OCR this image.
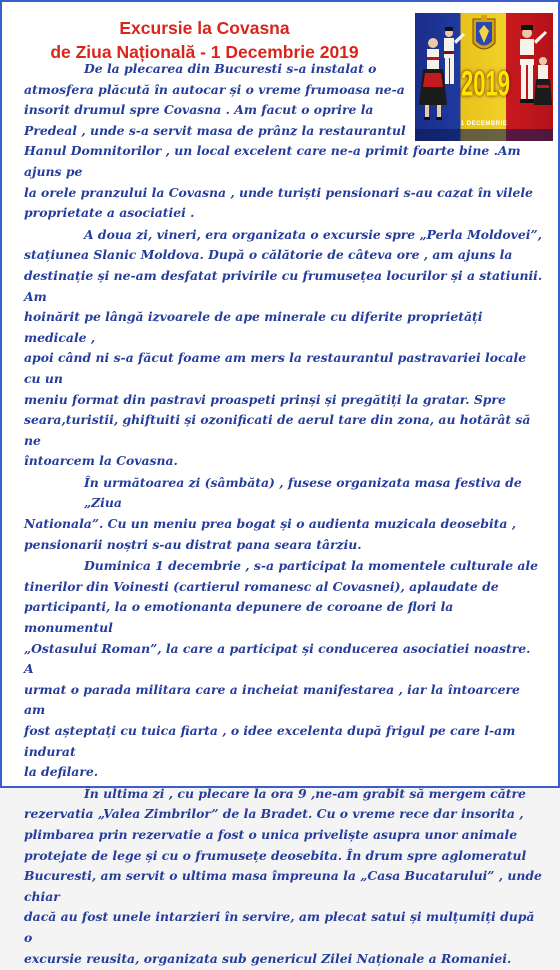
Excursie la Covasna
de Ziua Națională - 1 Decembrie 2019
2019
1 DECEMBRIE

De la plecarea din Bucuresti s-a instalat o
atmosfera plăcută în autocar și o vreme frumoasa ne-a
insorit drumul spre Covasna . Am facut o oprire la
Predeal , unde s-a servit masa de prânz la restaurantul
Hanul Domnitorilor , un local excelent care ne-a primit foarte bine .Am ajuns pe
la orele pranzului la Covasna , unde turiști pensionari s-au cazat în vilele
proprietate a asociatiei .

A doua zi, vineri, era organizata o excursie spre „Perla Moldovei”,
stațiunea Slanic Moldova. După o călătorie de câteva ore , am ajuns la
destinație și ne-am desfatat privirile cu frumusețea locurilor și a statiunii. Am
hoinărit pe lângă izvoarele de ape minerale cu diferite proprietăți medicale ,
apoi când ni s-a făcut foame am mers la restaurantul pastravariei locale cu un
meniu format din pastravi proaspeti prinși și pregătiți la gratar. Spre
seara,turistii, ghiftuiti și ozonificati de aerul tare din zona, au hotărât să ne
întoarcem la Covasna.

În următoarea zi (sâmbăta) , fusese organizata masa festiva de „Ziua
Nationala”. Cu un meniu prea bogat și o audienta muzicala deosebita ,
pensionarii noștri s-au distrat pana seara târziu.

Duminica 1 decembrie , s-a participat la momentele culturale ale
tinerilor din Voinesti (cartierul romanesc al Covasnei), aplaudate de
participanti, la o emotionanta depunere de coroane de flori la monumentul
„Ostasului Roman”, la care a participat și conducerea asociatiei noastre. A
urmat o parada militara care a incheiat manifestarea , iar la întoarcere am
fost așteptați cu tuica fiarta , o idee excelenta după frigul pe care l-am indurat
la defilare.

În ultima zi , cu plecare la ora 9 ,ne-am grabit să mergem către
rezervatia „Valea Zimbrilor” de la Bradet. Cu o vreme rece dar insorita ,
plimbarea prin rezervatie a fost o unica priveliște asupra unor animale
protejate de lege și cu o frumusețe deosebita. În drum spre aglomeratul
Bucuresti, am servit o ultima masa împreuna la „Casa Bucatarului” , unde chiar
dacă au fost unele intarzieri în servire, am plecat satui și mulțumiți după o
excursie reusita, organizata sub genericul Zilei Naționale a Romaniei.
